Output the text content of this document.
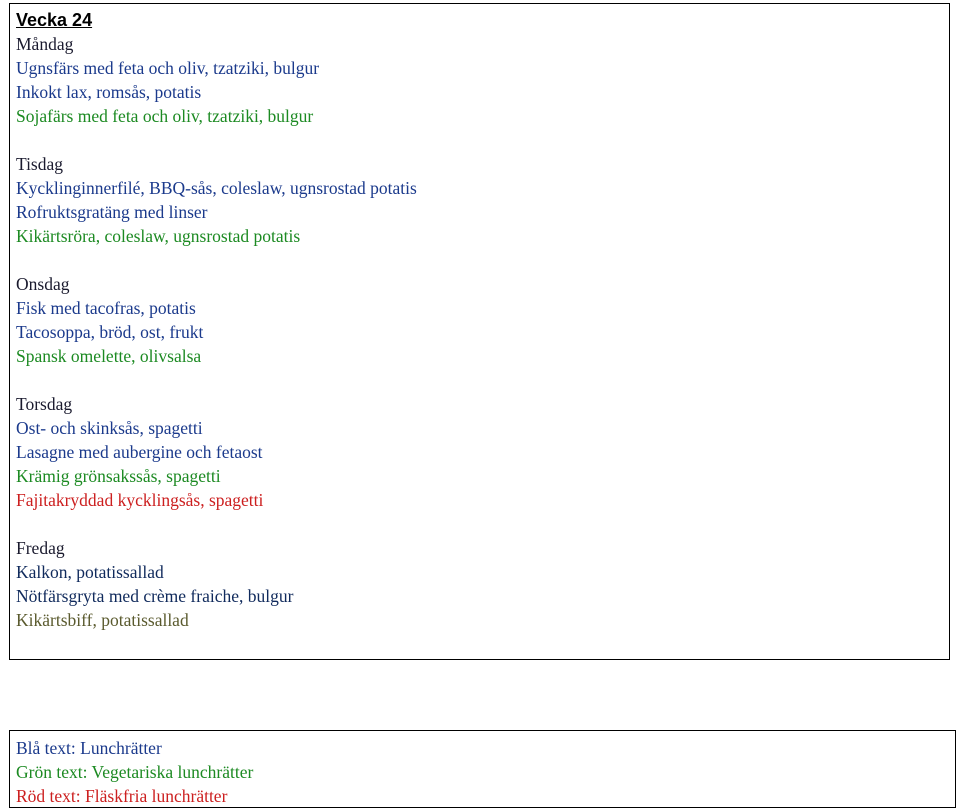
Vecka 24
Måndag
Ugnsfärs med feta och oliv, tzatziki, bulgur
Inkokt lax, romsås, potatis
Sojafärs med feta och oliv, tzatziki, bulgur
Tisdag
Kycklinginnerfilé, BBQ-sås, coleslaw, ugnsrostad potatis
Rofruktsgratäng med linser
Kikärtsröra, coleslaw, ugnsrostad potatis
Onsdag
Fisk med tacofras, potatis
Tacosoppa, bröd, ost, frukt
Spansk omelette, olivsalsa
Torsdag
Ost- och skinksås, spagetti
Lasagne med aubergine och fetaost
Krämig grönsakssås, spagetti
Fajitakryddad kycklingsås, spagetti
Fredag
Kalkon, potatissallad
Nötfärsgryta med crème fraiche, bulgur
Kikärtsbiff, potatissallad
Blå text: Lunchrätter
Grön text: Vegetariska lunchrätter
Röd text: Fläskfria lunchrätter
